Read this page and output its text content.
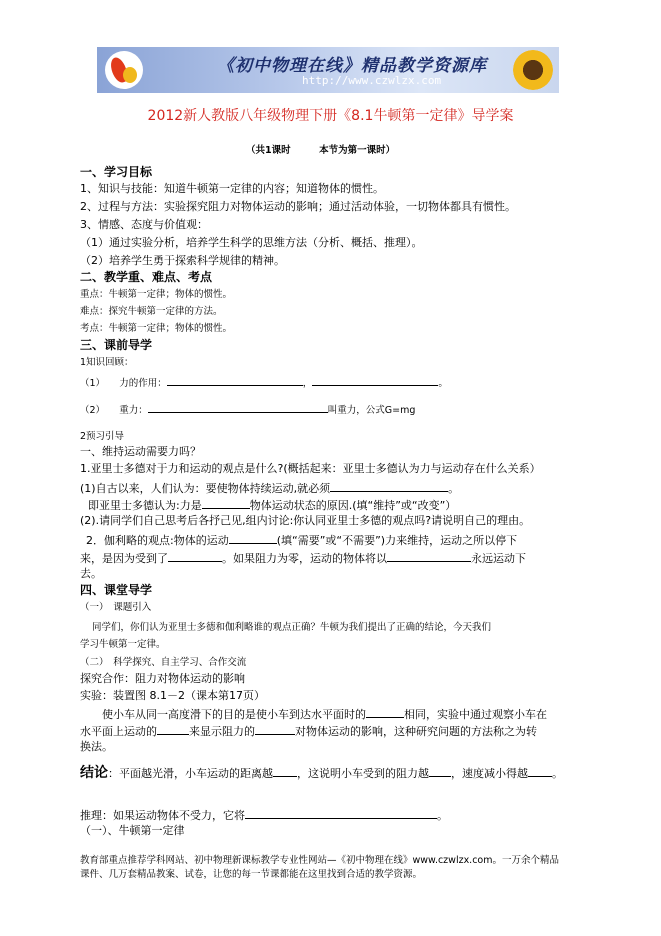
《初中物理在线》精品教学资源库
http://www.czwlzx.com
2012新人教版八年级物理下册《8.1牛顿第一定律》导学案
（共1课时　　　本节为第一课时）
一、学习目标
1、知识与技能：知道牛顿第一定律的内容；知道物体的惯性。
2、过程与方法：实验探究阻力对物体运动的影响；通过活动体验，一切物体都具有惯性。
3、情感、态度与价值观：
（1）通过实验分析，培养学生科学的思维方法（分析、概括、推理）。
（2）培养学生勇于探索科学规律的精神。
二、教学重、难点、考点
重点：牛顿第一定律；物体的惯性。
难点：探究牛顿第一定律的方法。
考点：牛顿第一定律；物体的惯性。
三、课前导学
1知识回顾：
（1）　　力的作用：	，	。
（2）　　重力：	叫重力，公式G=mg
2预习引导
一、维持运动需要力吗？
1.亚里士多德对于力和运动的观点是什么?(概括起来：亚里士多德认为力与运动存在什么关系）
(1)自古以来，人们认为：要使物体持续运动,就必须	。
即亚里士多德认为:力是	物体运动状态的原因.(填“维持”或“改变”）
(2).请同学们自己思考后各抒己见,组内讨论:你认同亚里士多德的观点吗?请说明自己的理由。
2．伽利略的观点:物体的运动	(填“需要”或“不需要”)力来维持，运动之所以停下
来，是因为受到了	。如果阻力为零，运动的物体将以	永远运动下
去。
四、课堂导学
（一）　课题引入
同学们，你们认为亚里士多德和伽利略谁的观点正确？牛顿为我们提出了正确的结论，今天我们
学习牛顿第一定律。
（二）　科学探究、自主学习、合作交流
探究合作：阻力对物体运动的影响
实验：装置图 8.1－2（课本第17页）
使小车从同一高度滑下的目的是使小车到达水平面时的	相同，实验中通过观察小车在
水平面上运动的	来显示阻力的	对物体运动的影响，这种研究问题的方法称之为转
换法。
结论：平面越光滑，小车运动的距离越 ，这说明小车受到的阻力越 ，速度减小得越 。
推理：如果运动物体不受力，它将	。
（一）、牛顿第一定律
教育部重点推荐学科网站、初中物理新课标教学专业性网站—《初中物理在线》www.czwlzx.com。一万余个精品
课件、几万套精品教案、试卷，让您的每一节课都能在这里找到合适的教学资源。
